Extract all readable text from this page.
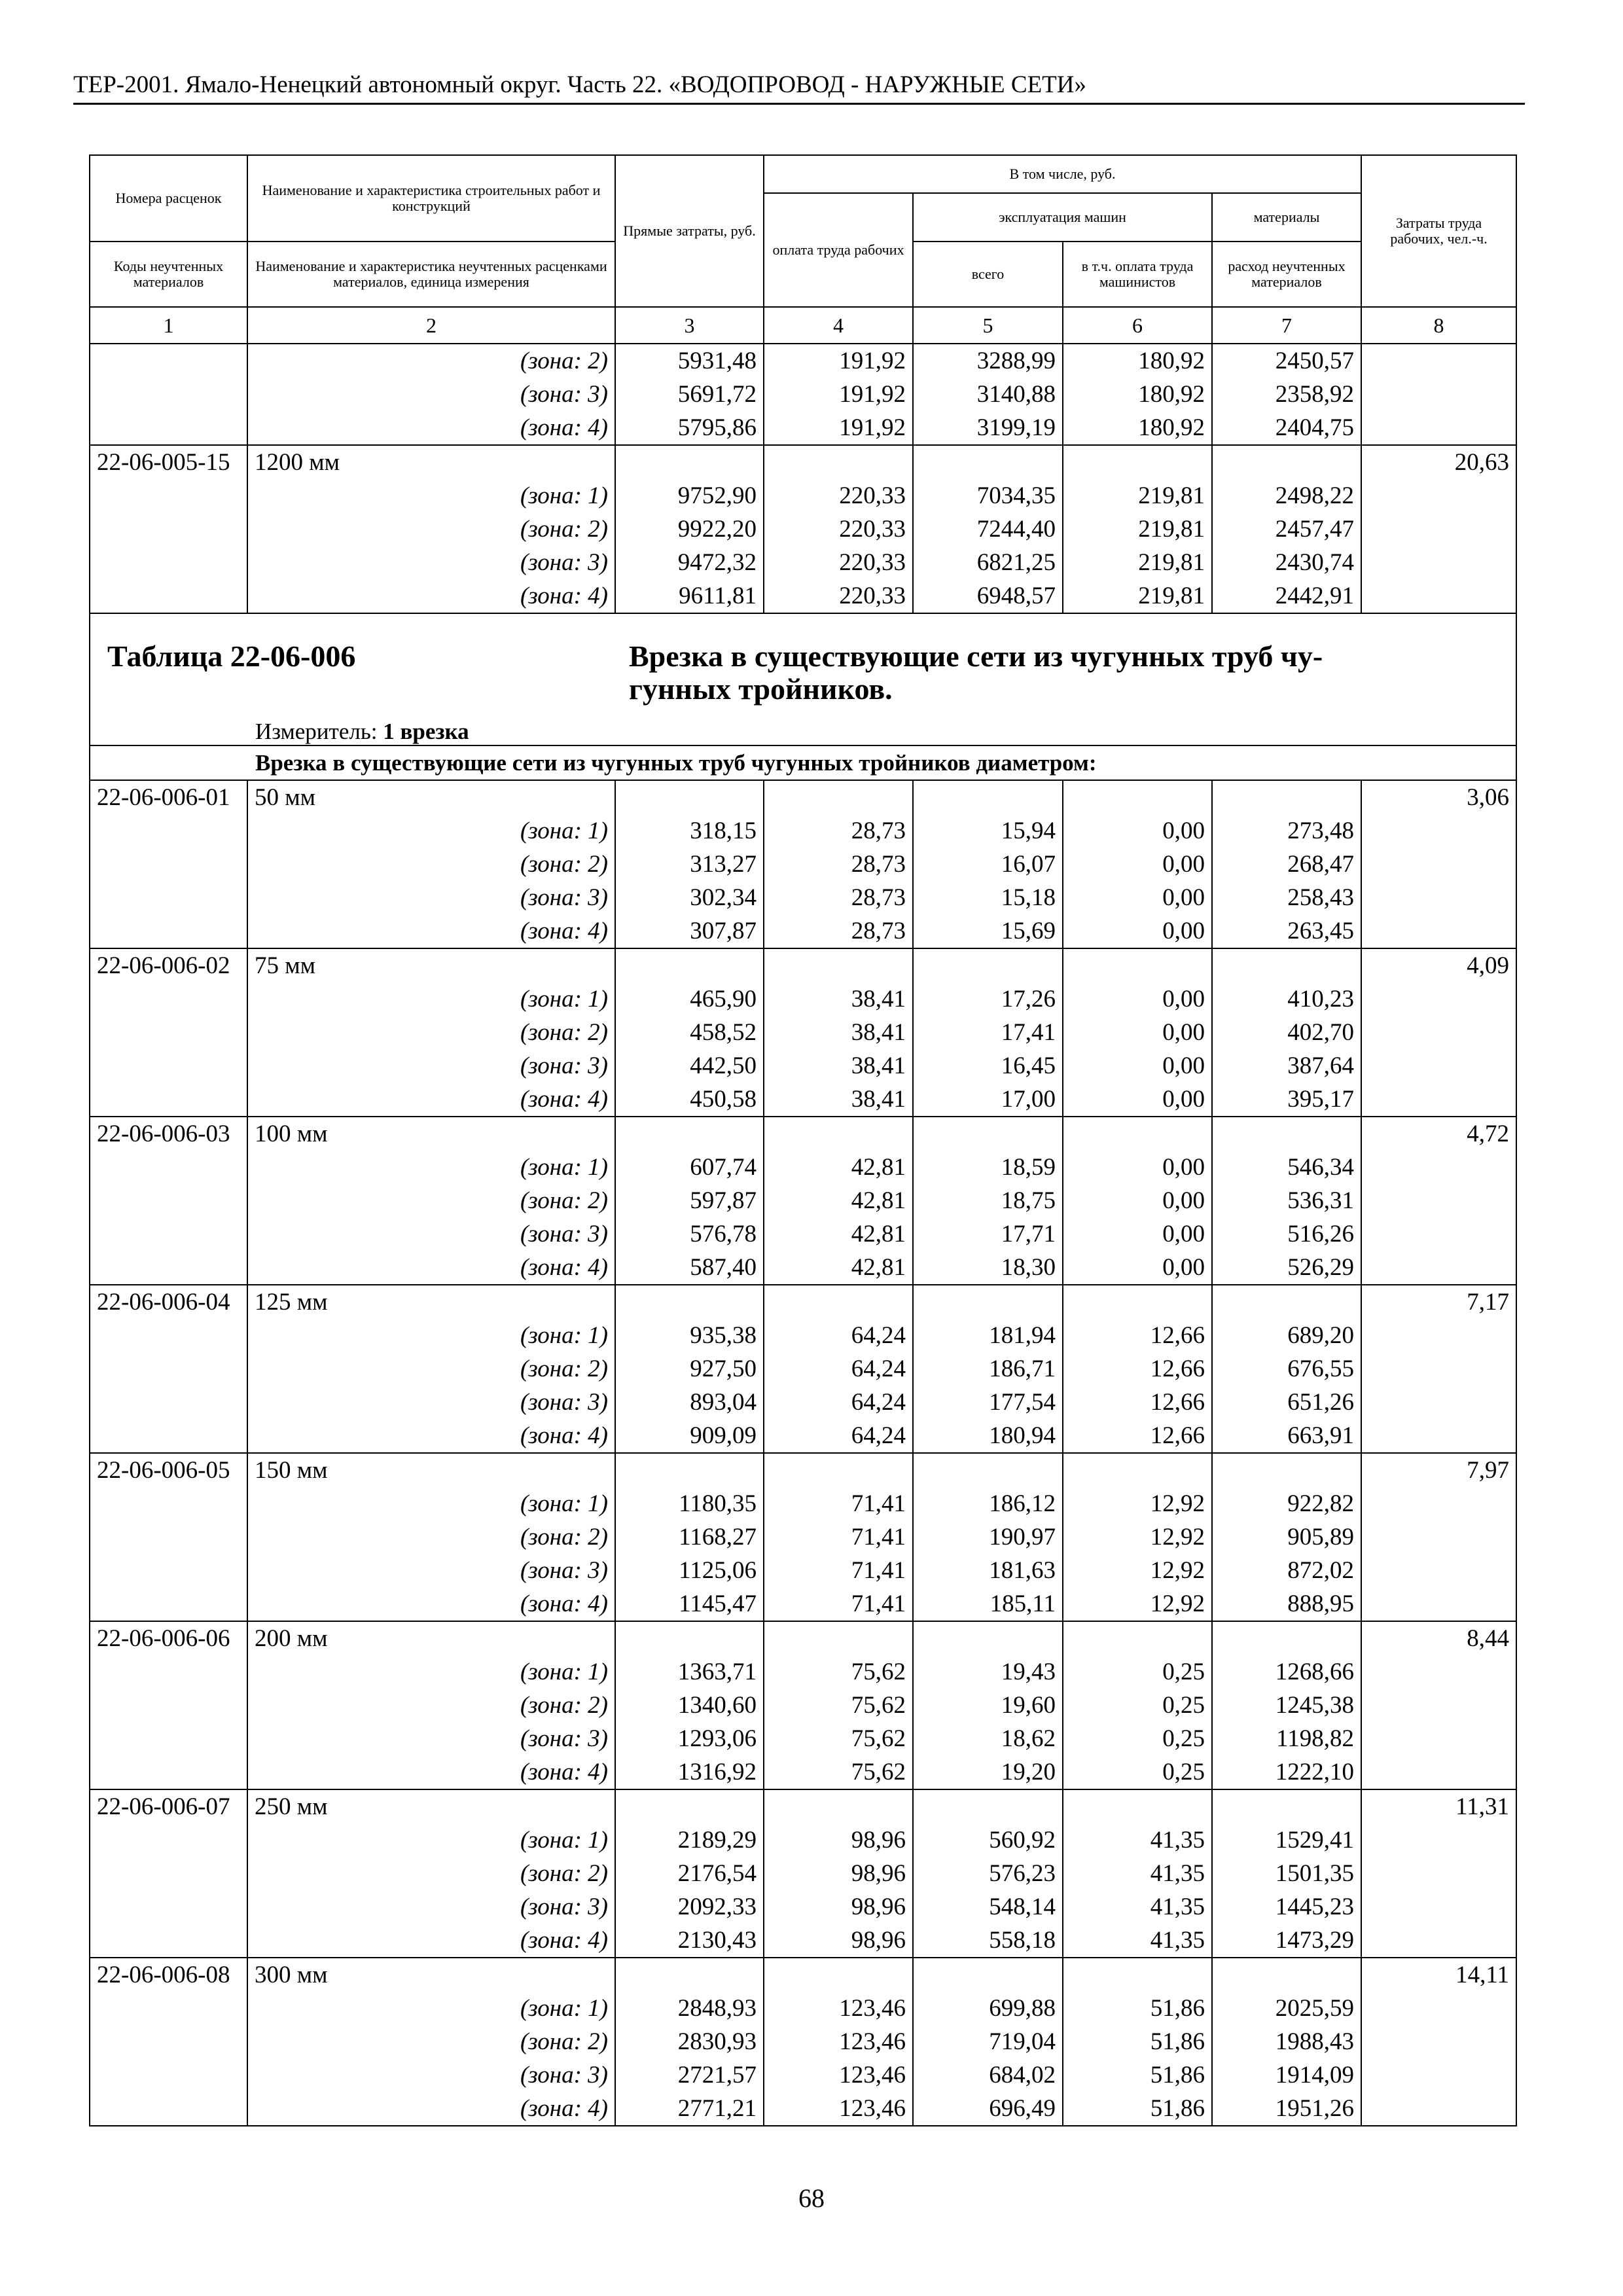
ТЕР-2001. Ямало-Ненецкий автономный округ. Часть 22. «ВОДОПРОВОД - НАРУЖНЫЕ СЕТИ»
Номера расценок	Наименование и характеристика строительных работ и конструкций	Прямые затраты, руб.	В том числе, руб.				Затраты труда рабочих, чел.-ч.
			оплата труда рабочих	эксплуатация машин		материалы	
Коды неучтенных материалов	Наименование и характеристика неучтенных расценками материалов, единица измерения			всего	в т.ч. оплата труда машинистов	расход неучтенных материалов	

1	2	3	4	5	6	7	8
	(зона: 2)	5931,48	191,92	3288,99	180,92	2450,57	
	(зона: 3)	5691,72	191,92	3140,88	180,92	2358,92	
	(зона: 4)	5795,86	191,92	3199,19	180,92	2404,75	
22-06-005-15	1200 мм						20,63
	(зона: 1)	9752,90	220,33	7034,35	219,81	2498,22	
	(зона: 2)	9922,20	220,33	7244,40	219,81	2457,47	
	(зона: 3)	9472,32	220,33	6821,25	219,81	2430,74	
	(зона: 4)	9611,81	220,33	6948,57	219,81	2442,91	

Таблица 22-06-006 Врезка в существующие сети из чугунных труб чу-
гунных тройников.
Измеритель: 1 врезка							

Врезка в существующие сети из чугунных труб чугунных тройников диаметром:							
22-06-006-01	50 мм						3,06
	(зона: 1)	318,15	28,73	15,94	0,00	273,48	
	(зона: 2)	313,27	28,73	16,07	0,00	268,47	
	(зона: 3)	302,34	28,73	15,18	0,00	258,43	
	(зона: 4)	307,87	28,73	15,69	0,00	263,45	
22-06-006-02	75 мм						4,09
	(зона: 1)	465,90	38,41	17,26	0,00	410,23	
	(зона: 2)	458,52	38,41	17,41	0,00	402,70	
	(зона: 3)	442,50	38,41	16,45	0,00	387,64	
	(зона: 4)	450,58	38,41	17,00	0,00	395,17	
22-06-006-03	100 мм						4,72
	(зона: 1)	607,74	42,81	18,59	0,00	546,34	
	(зона: 2)	597,87	42,81	18,75	0,00	536,31	
	(зона: 3)	576,78	42,81	17,71	0,00	516,26	
	(зона: 4)	587,40	42,81	18,30	0,00	526,29	
22-06-006-04	125 мм						7,17
	(зона: 1)	935,38	64,24	181,94	12,66	689,20	
	(зона: 2)	927,50	64,24	186,71	12,66	676,55	
	(зона: 3)	893,04	64,24	177,54	12,66	651,26	
	(зона: 4)	909,09	64,24	180,94	12,66	663,91	
22-06-006-05	150 мм						7,97
	(зона: 1)	1180,35	71,41	186,12	12,92	922,82	
	(зона: 2)	1168,27	71,41	190,97	12,92	905,89	
	(зона: 3)	1125,06	71,41	181,63	12,92	872,02	
	(зона: 4)	1145,47	71,41	185,11	12,92	888,95	
22-06-006-06	200 мм						8,44
	(зона: 1)	1363,71	75,62	19,43	0,25	1268,66	
	(зона: 2)	1340,60	75,62	19,60	0,25	1245,38	
	(зона: 3)	1293,06	75,62	18,62	0,25	1198,82	
	(зона: 4)	1316,92	75,62	19,20	0,25	1222,10	
22-06-006-07	250 мм						11,31
	(зона: 1)	2189,29	98,96	560,92	41,35	1529,41	
	(зона: 2)	2176,54	98,96	576,23	41,35	1501,35	
	(зона: 3)	2092,33	98,96	548,14	41,35	1445,23	
	(зона: 4)	2130,43	98,96	558,18	41,35	1473,29	
22-06-006-08	300 мм						14,11
	(зона: 1)	2848,93	123,46	699,88	51,86	2025,59	
	(зона: 2)	2830,93	123,46	719,04	51,86	1988,43	
	(зона: 3)	2721,57	123,46	684,02	51,86	1914,09	
	(зона: 4)	2771,21	123,46	696,49	51,86	1951,26	
68
